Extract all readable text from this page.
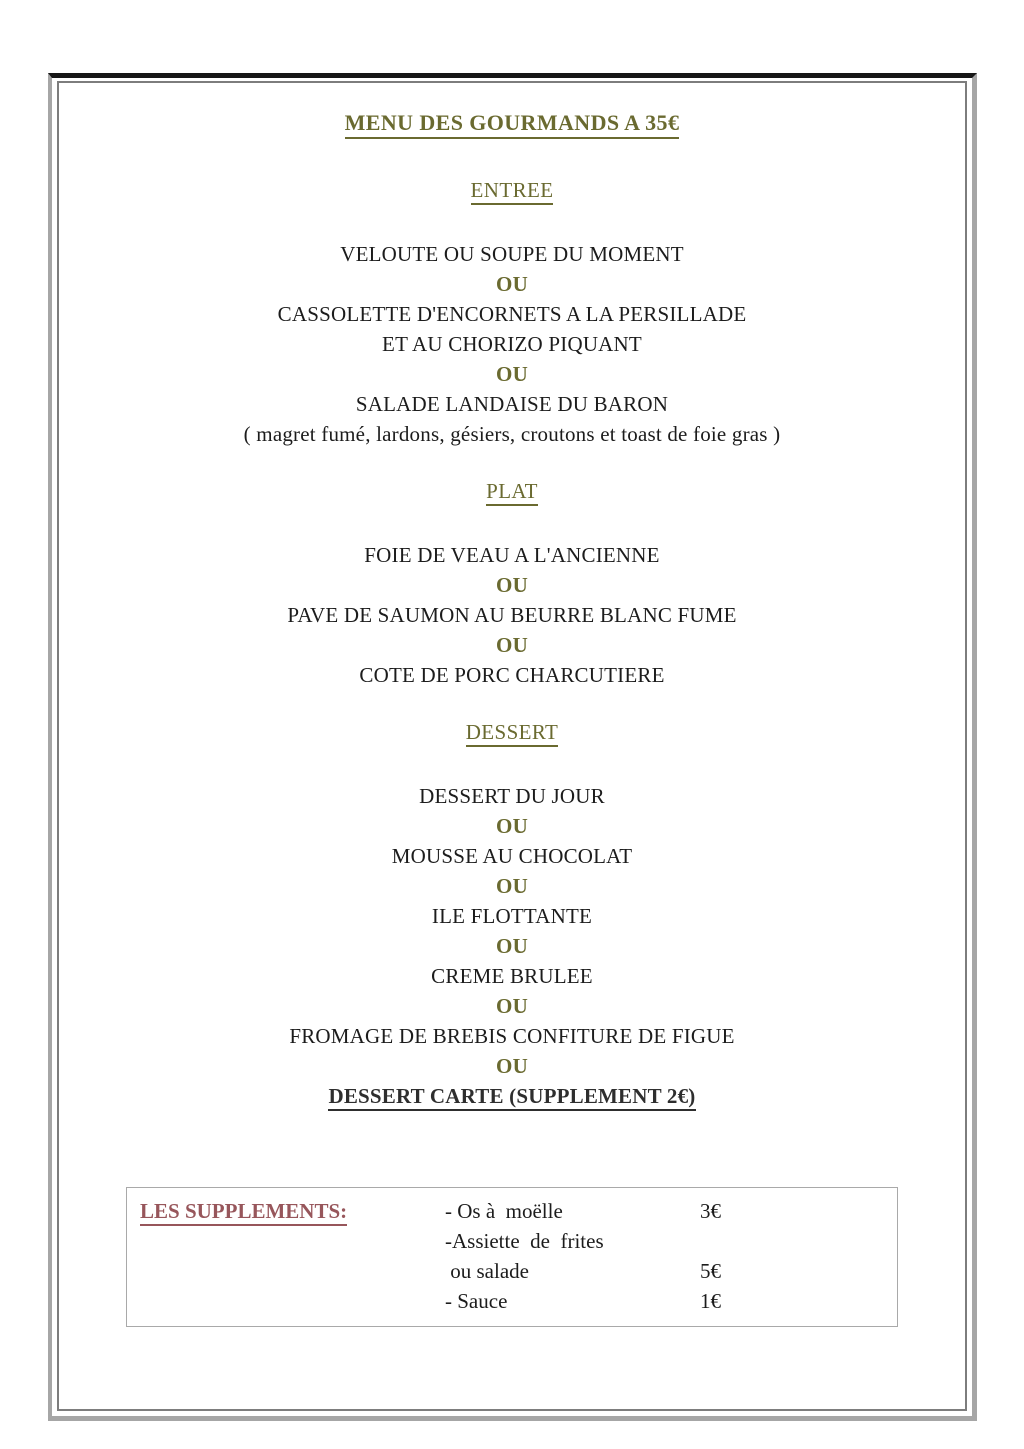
MENU DES GOURMANDS A 35€
ENTREE
VELOUTE OU SOUPE DU MOMENT
OU
CASSOLETTE D'ENCORNETS A LA PERSILLADE
ET AU CHORIZO PIQUANT
OU
SALADE LANDAISE DU BARON
( magret fumé, lardons, gésiers, croutons et toast de foie gras )
PLAT
FOIE DE VEAU A L'ANCIENNE
OU
PAVE DE SAUMON AU BEURRE BLANC FUME
OU
COTE DE PORC CHARCUTIERE
DESSERT
DESSERT DU JOUR
OU
MOUSSE AU CHOCOLAT
OU
ILE FLOTTANTE
OU
CREME BRULEE
OU
FROMAGE DE BREBIS CONFITURE DE FIGUE
OU
DESSERT CARTE (SUPPLEMENT 2€)
LES SUPPLEMENTS:	- Os à  moëlle	3€
-Assiette  de  frites
ou salade	5€
- Sauce	1€
